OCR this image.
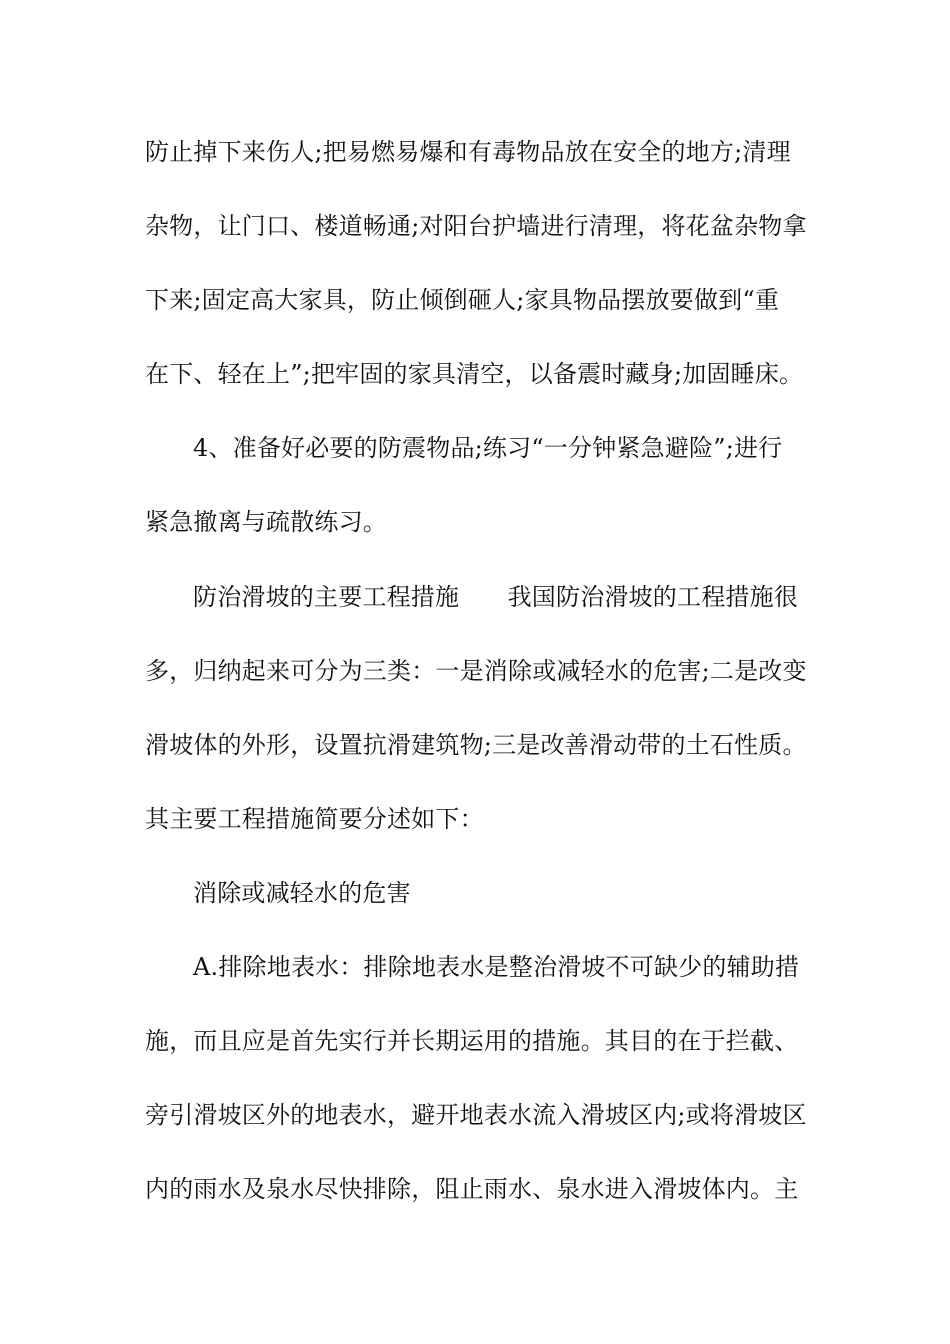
防止掉下来伤人;把易燃易爆和有毒物品放在安全的地方;清理
杂物，让门口、楼道畅通;对阳台护墙进行清理，将花盆杂物拿
下来;固定高大家具，防止倾倒砸人;家具物品摆放要做到“重
在下、轻在上”;把牢固的家具清空，以备震时藏身;加固睡床。
4、准备好必要的防震物品;练习“一分钟紧急避险”;进行
紧急撤离与疏散练习。
防治滑坡的主要工程措施　　我国防治滑坡的工程措施很
多，归纳起来可分为三类：一是消除或减轻水的危害;二是改变
滑坡体的外形，设置抗滑建筑物;三是改善滑动带的土石性质。
其主要工程措施简要分述如下：
消除或减轻水的危害
A.排除地表水：排除地表水是整治滑坡不可缺少的辅助措
施，而且应是首先实行并长期运用的措施。其目的在于拦截、
旁引滑坡区外的地表水，避开地表水流入滑坡区内;或将滑坡区
内的雨水及泉水尽快排除，阻止雨水、泉水进入滑坡体内。主
